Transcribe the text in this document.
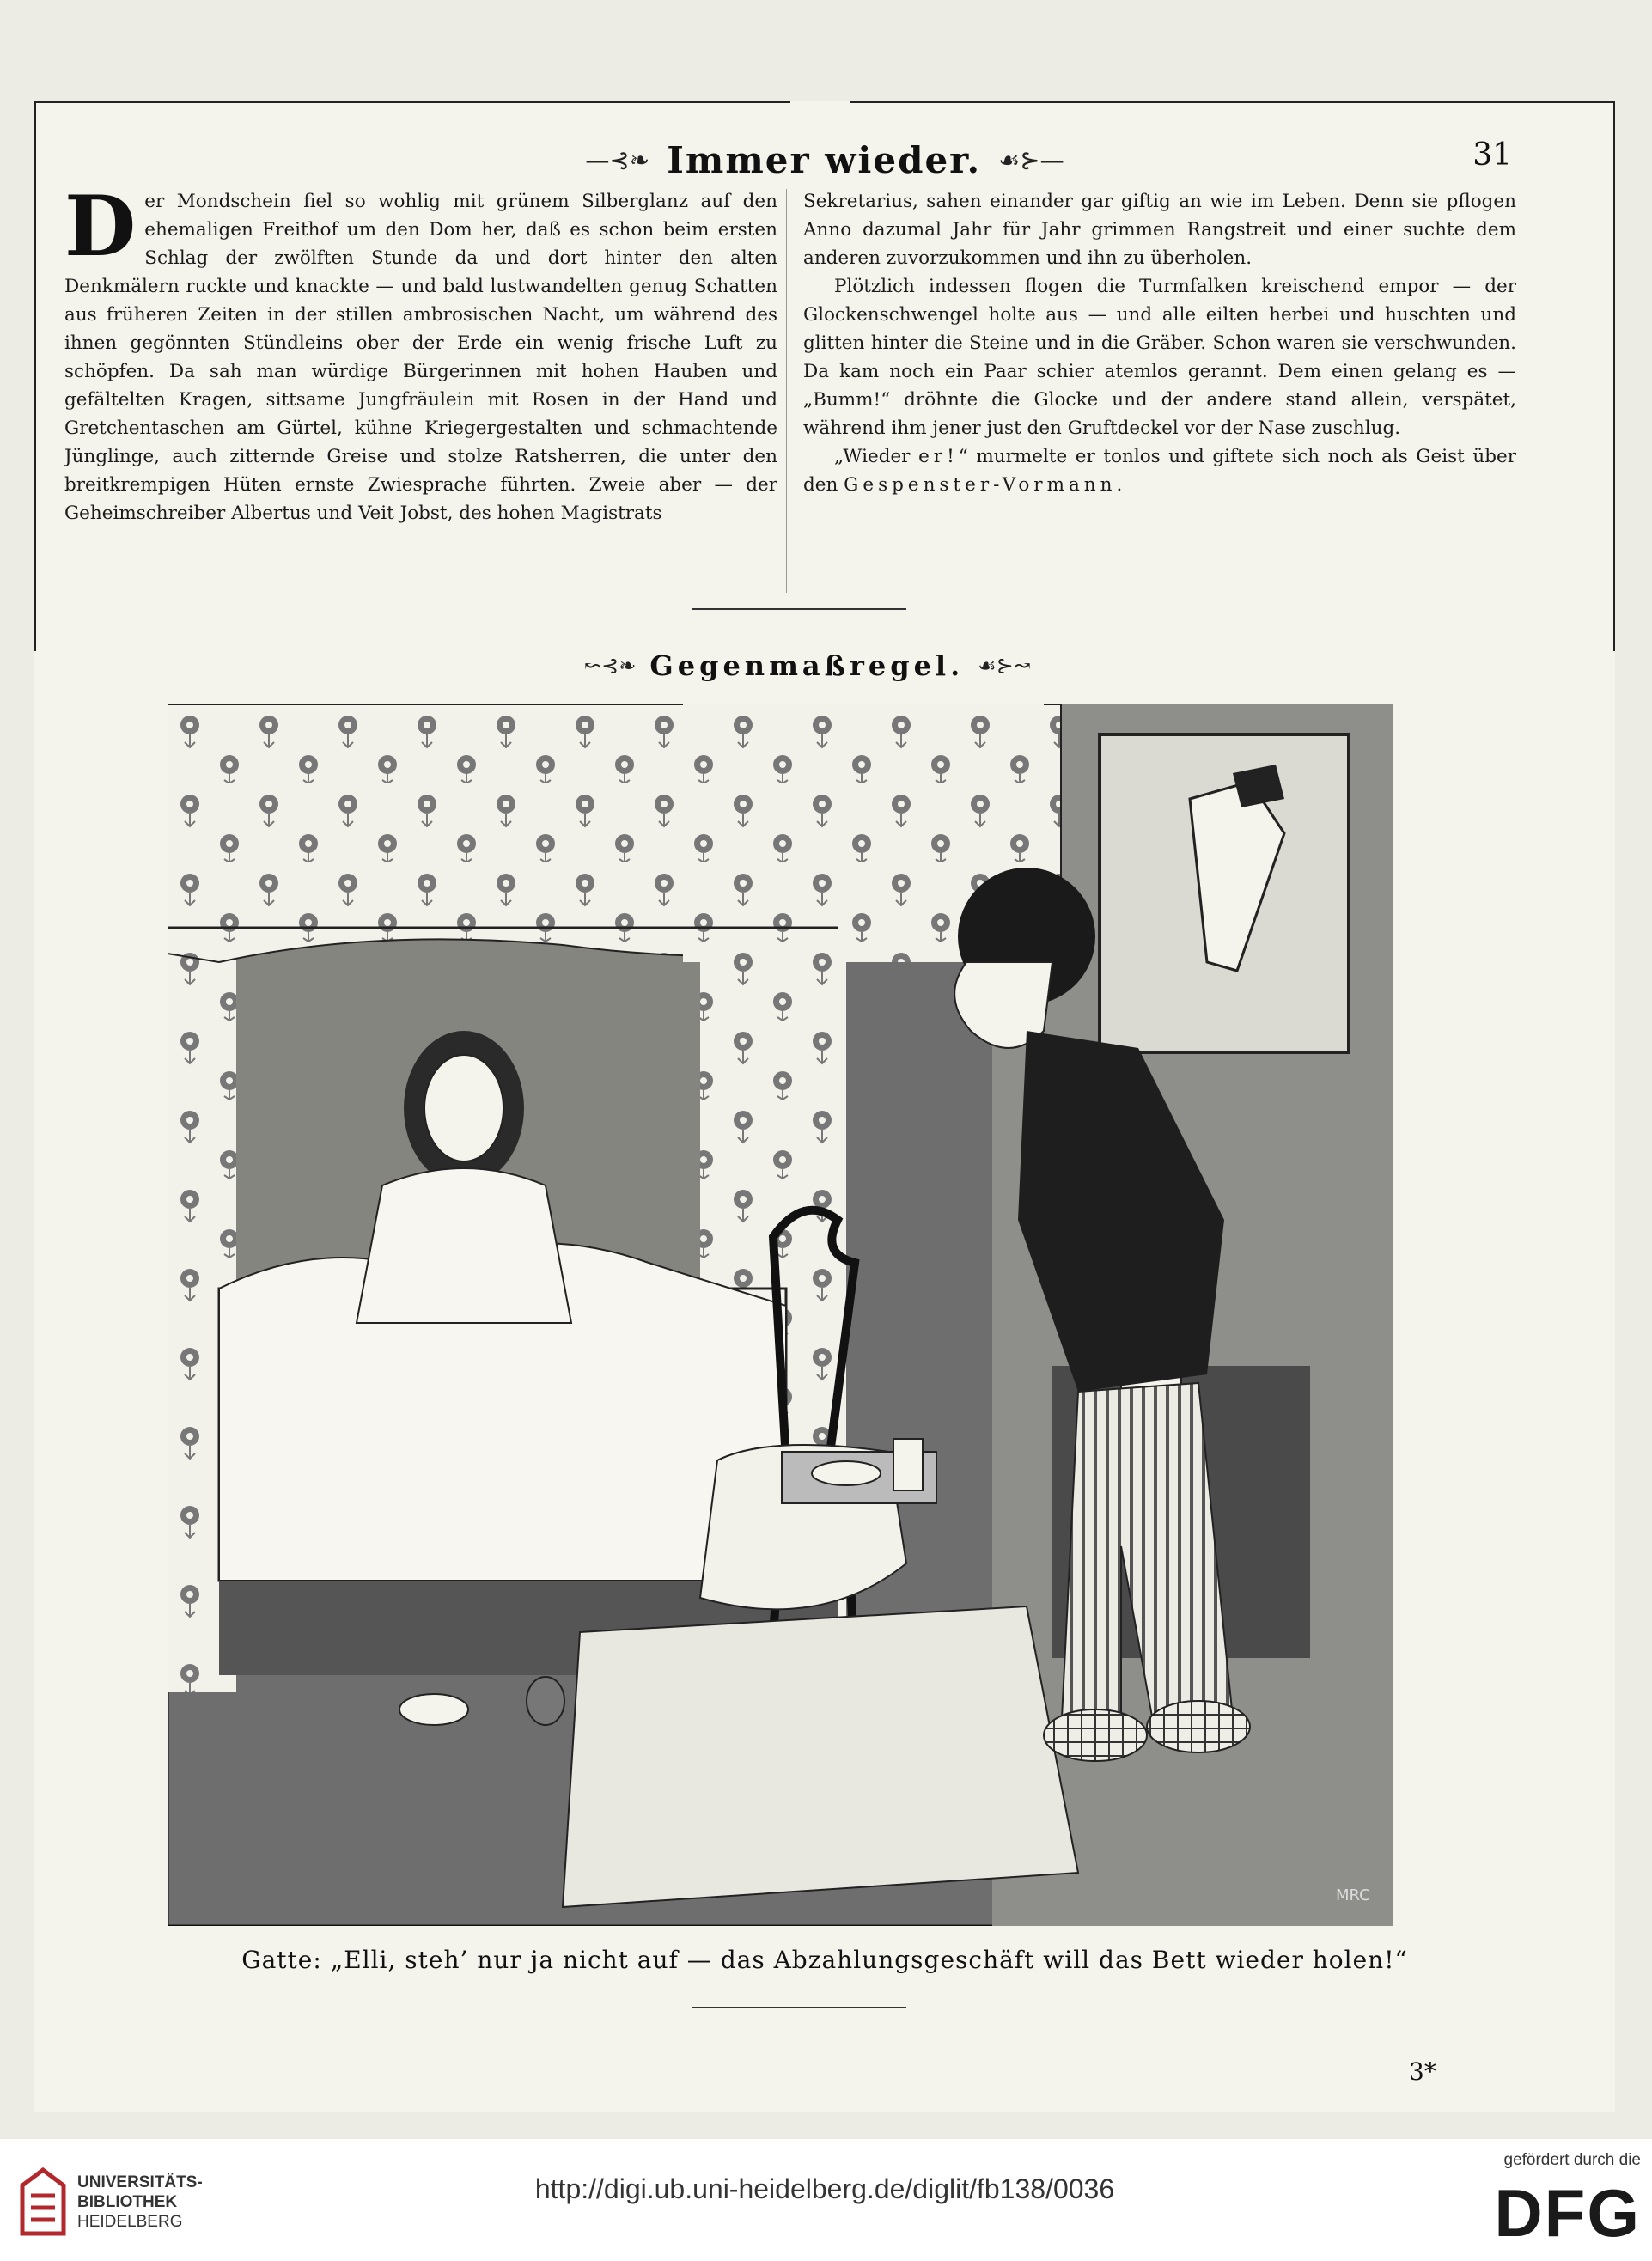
—⊰❧ Immer wieder. ☙⊱—	31

Der Mondschein fiel so wohlig mit grünem Silberglanz auf den ehemaligen Freithof um den Dom her, daß es schon beim ersten Schlag der zwölften Stunde da und dort hinter den alten Denkmälern ruckte und knackte — und bald lustwandelten genug Schatten aus früheren Zeiten in der stillen ambrosischen Nacht, um während des ihnen gegönnten Stündleins ober der Erde ein wenig frische Luft zu schöpfen. Da sah man würdige Bürgerinnen mit hohen Hauben und gefältelten Kragen, sittsame Jungfräulein mit Rosen in der Hand und Gretchentaschen am Gürtel, kühne Kriegergestalten und schmachtende Jünglinge, auch zitternde Greise und stolze Ratsherren, die unter den breitkrempigen Hüten ernste Zwiesprache führten. Zweie aber — der Geheimschreiber Albertus und Veit Jobst, des hohen Magistrats

Sekretarius, sahen einander gar giftig an wie im Leben. Denn sie pflogen Anno dazumal Jahr für Jahr grimmen Rangstreit und einer suchte dem anderen zuvorzukommen und ihn zu überholen.

Plötzlich indessen flogen die Turmfalken kreischend empor — der Glockenschwengel holte aus — und alle eilten herbei und huschten und glitten hinter die Steine und in die Gräber. Schon waren sie verschwunden. Da kam noch ein Paar schier atemlos gerannt. Dem einen gelang es — „Bumm!“ dröhnte die Glocke und der andere stand allein, verspätet, während ihm jener just den Gruftdeckel vor der Nase zuschlug.

„Wieder er!“ murmelte er tonlos und giftete sich noch als Geist über den Gespenster-Vormann.

↜⊰❧ Gegenmaßregel. ☙⊱↝
MRC
Gatte: „Elli, steh’ nur ja nicht auf — das Abzahlungsgeschäft will das Bett wieder holen!“
3*
UNIVERSITÄTS-
BIBLIOTHEK
HEIDELBERG
http://digi.ub.uni-heidelberg.de/diglit/fb138/0036
gefördert durch die
DFG
